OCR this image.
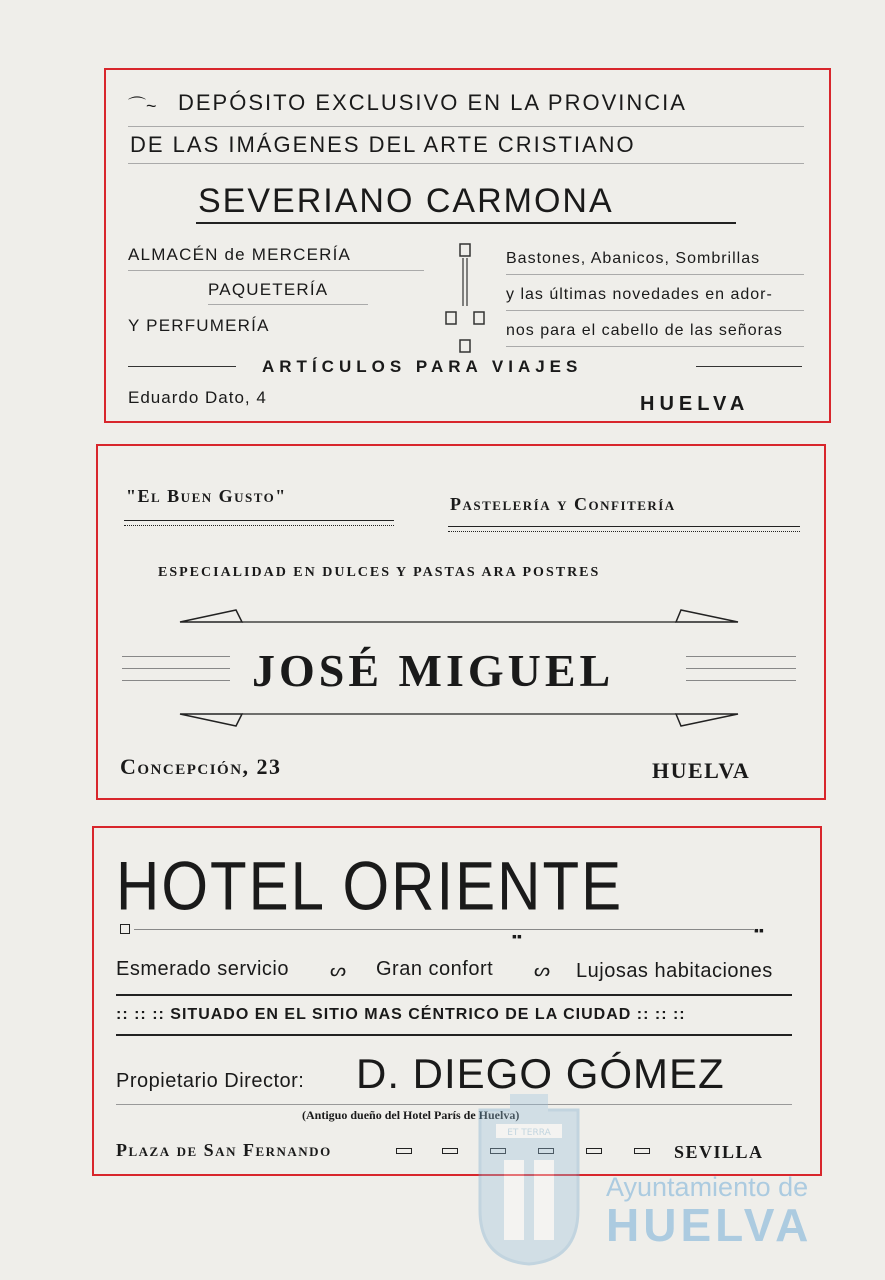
⌒~ DEPÓSITO EXCLUSIVO EN LA PROVINCIA
DE LAS IMÁGENES DEL ARTE CRISTIANO
SEVERIANO CARMONA
ALMACÉN de MERCERÍA
PAQUETERÍA
Y PERFUMERÍA
Bastones, Abanicos, Sombrillas
y las últimas novedades en ador-
nos para el cabello de las señoras
ARTÍCULOS PARA VIAJES
Eduardo Dato, 4	HUELVA
"El Buen Gusto"	Pastelería y Confitería
ESPECIALIDAD EN DULCES Y PASTAS ARA POSTRES
JOSÉ MIGUEL
Concepción, 23	HUELVA
HOTEL ORIENTE
▪▪	▪▪
Esmerado servicio ᔕ Gran confort ᔕ Lujosas habitaciones
:: :: :: SITUADO EN EL SITIO MAS CÉNTRICO DE LA CIUDAD :: :: ::
Propietario Director: D. DIEGO GÓMEZ
(Antiguo dueño del Hotel París de Huelva)
Plaza de San Fernando	SEVILLA
ET TERRA
Ayuntamiento de
HUELVA
